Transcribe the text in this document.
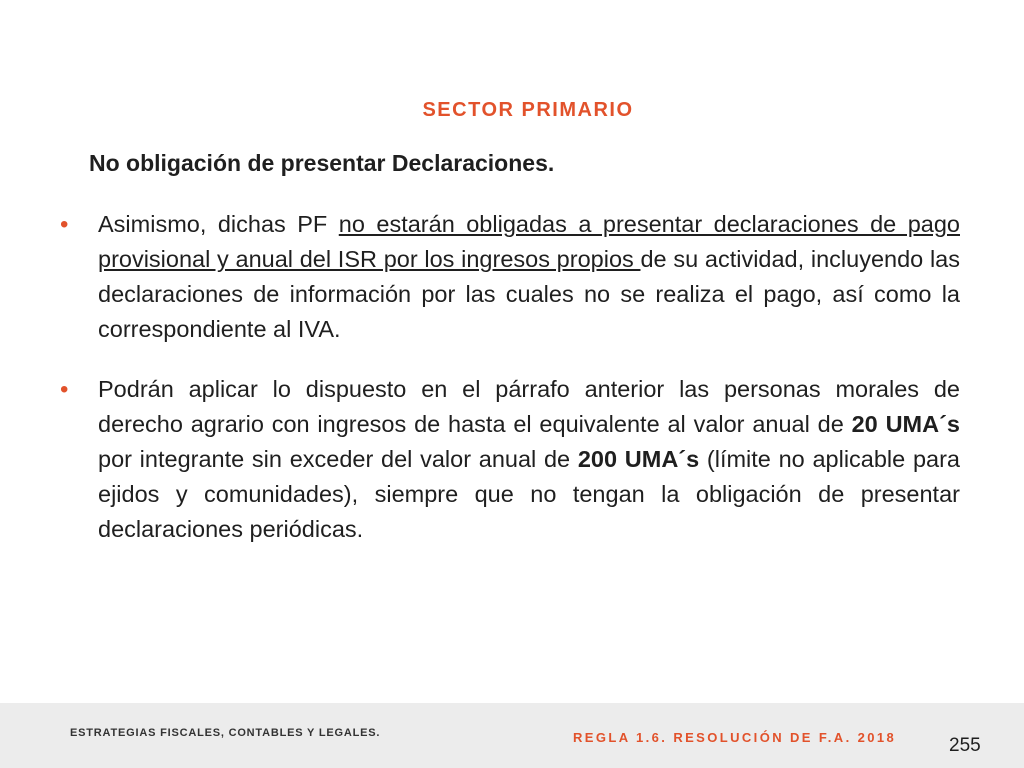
SECTOR PRIMARIO
No obligación de presentar Declaraciones.
• Asimismo, dichas PF no estarán obligadas a presentar declaraciones de pago provisional y anual del ISR por los ingresos propios de su actividad, incluyendo las declaraciones de información por las cuales no se realiza el pago, así como la correspondiente al IVA.
• Podrán aplicar lo dispuesto en el párrafo anterior las personas morales de derecho agrario con ingresos de hasta el equivalente al valor anual de 20 UMA´s por integrante sin exceder del valor anual de 200 UMA´s (límite no aplicable para ejidos y comunidades), siempre que no tengan la obligación de presentar declaraciones periódicas.
ESTRATEGIAS FISCALES, CONTABLES Y LEGALES.	REGLA 1.6. RESOLUCIÓN DE F.A. 2018	255
